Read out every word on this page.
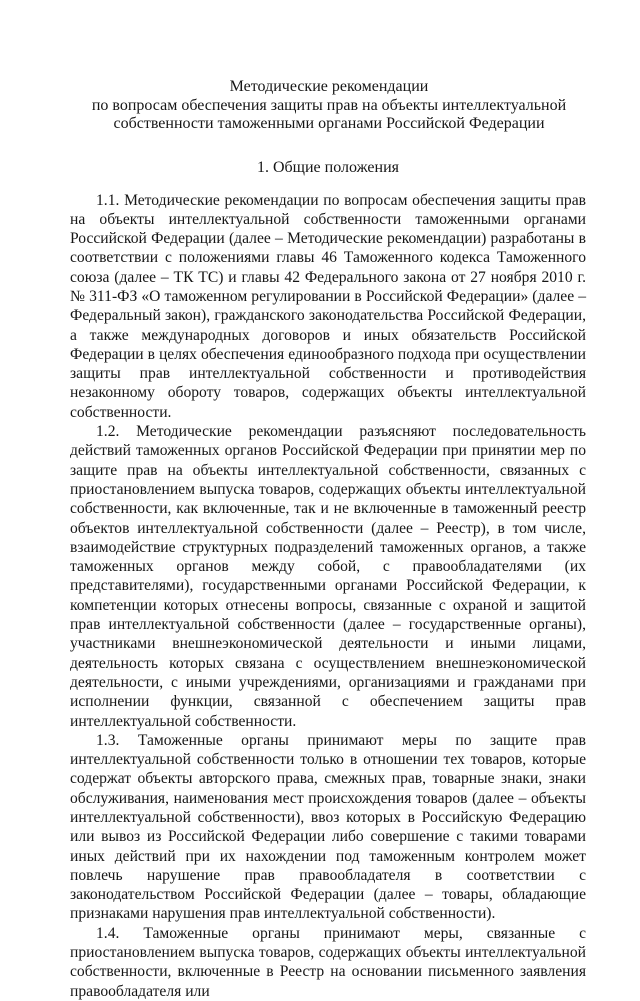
Методические рекомендации
по вопросам обеспечения защиты прав на объекты интеллектуальной
собственности таможенными органами Российской Федерации
1. Общие положения

1.1. Методические рекомендации по вопросам обеспечения защиты прав на объекты интеллектуальной собственности таможенными органами Российской Федерации (далее – Методические рекомендации) разработаны в соответствии с положениями главы 46 Таможенного кодекса Таможенного союза (далее – ТК ТС) и главы 42 Федерального закона от 27 ноября 2010 г. № 311-ФЗ «О таможенном регулировании в Российской Федерации» (далее – Федеральный закон), гражданского законодательства Российской Федерации, а также международных договоров и иных обязательств Российской Федерации в целях обеспечения единообразного подхода при осуществлении защиты прав интеллектуальной собственности и противодействия незаконному обороту товаров, содержащих объекты интеллектуальной собственности.

1.2. Методические рекомендации разъясняют последовательность действий таможенных органов Российской Федерации при принятии мер по защите прав на объекты интеллектуальной собственности, связанных с приостановлением выпуска товаров, содержащих объекты интеллектуальной собственности, как включенные, так и не включенные в таможенный реестр объектов интеллектуальной собственности (далее – Реестр), в том числе, взаимодействие структурных подразделений таможенных органов, а также таможенных органов между собой, с правообладателями (их представителями), государственными органами Российской Федерации, к компетенции которых отнесены вопросы, связанные с охраной и защитой прав интеллектуальной собственности (далее – государственные органы), участниками внешнеэкономической деятельности и иными лицами, деятельность которых связана с осуществлением внешнеэкономической деятельности, с иными учреждениями, организациями и гражданами при исполнении функции, связанной с обеспечением защиты прав интеллектуальной собственности.

1.3. Таможенные органы принимают меры по защите прав интеллектуальной собственности только в отношении тех товаров, которые содержат объекты авторского права, смежных прав, товарные знаки, знаки обслуживания, наименования мест происхождения товаров (далее – объекты интеллектуальной собственности), ввоз которых в Российскую Федерацию или вывоз из Российской Федерации либо совершение с такими товарами иных действий при их нахождении под таможенным контролем может повлечь нарушение прав правообладателя в соответствии с законодательством Российской Федерации (далее – товары, обладающие признаками нарушения прав интеллектуальной собственности).

1.4. Таможенные органы принимают меры, связанные с приостановлением выпуска товаров, содержащих объекты интеллектуальной собственности, включенные в Реестр на основании письменного заявления правообладателя или
